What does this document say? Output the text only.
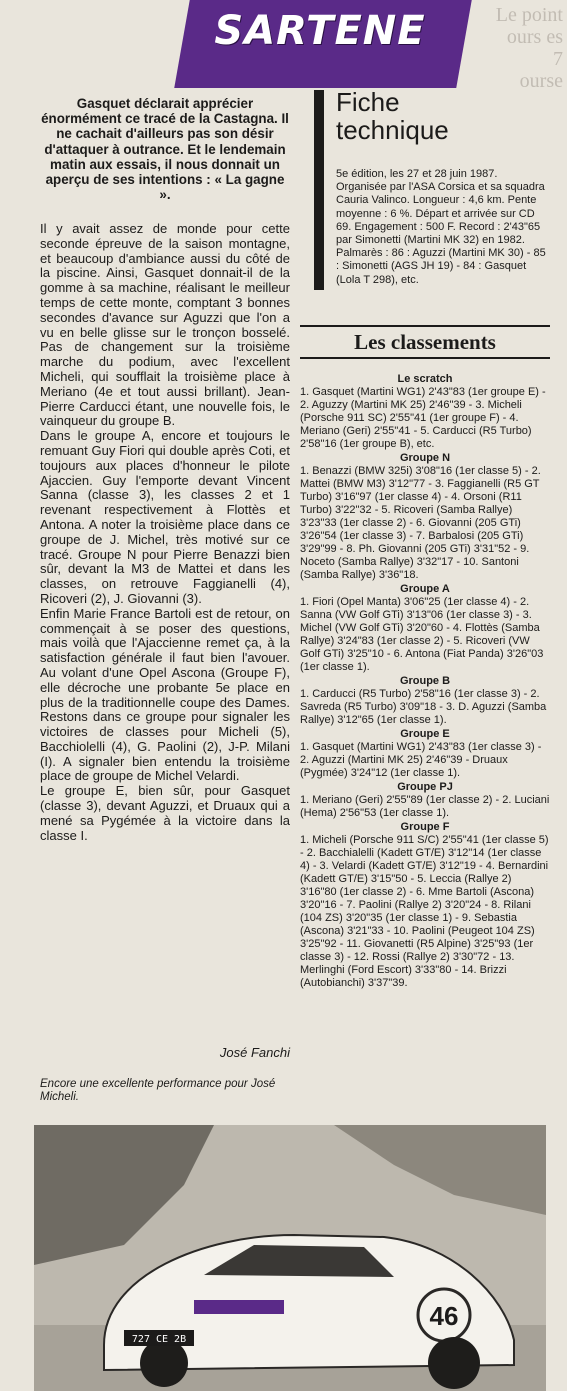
Le point
ours es 7
ourse
SARTENE
Gasquet déclarait apprécier énormément ce tracé de la Castagna. Il ne cachait d'ailleurs pas son désir d'attaquer à outrance. Et le lendemain matin aux essais, il nous donnait un aperçu de ses intentions : « La gagne ».

Il y avait assez de monde pour cette seconde épreuve de la saison montagne, et beaucoup d'ambiance aussi du côté de la piscine. Ainsi, Gasquet donnait-il de la gomme à sa machine, réalisant le meilleur temps de cette monte, comptant 3 bonnes secondes d'avance sur Aguzzi que l'on a vu en belle glisse sur le tronçon bosselé. Pas de changement sur la troisième marche du podium, avec l'excellent Micheli, qui soufflait la troisième place à Meriano (4e et tout aussi brillant). Jean-Pierre Carducci étant, une nouvelle fois, le vainqueur du groupe B.

Dans le groupe A, encore et toujours le remuant Guy Fiori qui double après Coti, et toujours aux places d'honneur le pilote Ajaccien. Guy l'emporte devant Vincent Sanna (classe 3), les classes 2 et 1 revenant respectivement à Flottès et Antona. A noter la troisième place dans ce groupe de J. Michel, très motivé sur ce tracé. Groupe N pour Pierre Benazzi bien sûr, devant la M3 de Mattei et dans les classes, on retrouve Faggianelli (4), Ricoveri (2), J. Giovanni (3).

Enfin Marie France Bartoli est de retour, on commençait à se poser des questions, mais voilà que l'Ajaccienne remet ça, à la satisfaction générale il faut bien l'avouer. Au volant d'une Opel Ascona (Groupe F), elle décroche une probante 5e place en plus de la traditionnelle coupe des Dames. Restons dans ce groupe pour signaler les victoires de classes pour Micheli (5), Bacchiolelli (4), G. Paolini (2), J-P. Milani (I). A signaler bien entendu la troisième place de groupe de Michel Velardi.

Le groupe E, bien sûr, pour Gasquet (classe 3), devant Aguzzi, et Druaux qui a mené sa Pygémée à la victoire dans la classe I.

José Fanchi
Encore une excellente performance pour José Micheli.
Fiche
technique
5e édition, les 27 et 28 juin 1987. Organisée par l'ASA Corsica et sa squadra Cauria Valinco. Longueur : 4,6 km. Pente moyenne : 6 %. Départ et arrivée sur CD 69. Engagement : 500 F. Record : 2'43"65 par Simonetti (Martini MK 32) en 1982. Palmarès : 86 : Aguzzi (Martini MK 30) - 85 : Simonetti (AGS JH 19) - 84 : Gasquet (Lola T 298), etc.
Les classements
Le scratch

1. Gasquet (Martini WG1) 2'43"83 (1er groupe E) - 2. Aguzzy (Martini MK 25) 2'46"39 - 3. Micheli (Porsche 911 SC) 2'55"41 (1er groupe F) - 4. Meriano (Geri) 2'55"41 - 5. Carducci (R5 Turbo) 2'58"16 (1er groupe B), etc.

Groupe N

1. Benazzi (BMW 325i) 3'08"16 (1er classe 5) - 2. Mattei (BMW M3) 3'12"77 - 3. Faggianelli (R5 GT Turbo) 3'16"97 (1er classe 4) - 4. Orsoni (R11 Turbo) 3'22"32 - 5. Ricoveri (Samba Rallye) 3'23"33 (1er classe 2) - 6. Giovanni (205 GTi) 3'26"54 (1er classe 3) - 7. Barbalosi (205 GTi) 3'29"99 - 8. Ph. Giovanni (205 GTi) 3'31"52 - 9. Noceto (Samba Rallye) 3'32"17 - 10. Santoni (Samba Rallye) 3'36"18.

Groupe A

1. Fiori (Opel Manta) 3'06"25 (1er classe 4) - 2. Sanna (VW Golf GTi) 3'13"06 (1er classe 3) - 3. Michel (VW Golf GTi) 3'20"60 - 4. Flottès (Samba Rallye) 3'24"83 (1er classe 2) - 5. Ricoveri (VW Golf GTi) 3'25"10 - 6. Antona (Fiat Panda) 3'26"03 (1er classe 1).

Groupe B

1. Carducci (R5 Turbo) 2'58"16 (1er classe 3) - 2. Savreda (R5 Turbo) 3'09"18 - 3. D. Aguzzi (Samba Rallye) 3'12"65 (1er classe 1).

Groupe E

1. Gasquet (Martini WG1) 2'43"83 (1er classe 3) - 2. Aguzzi (Martini MK 25) 2'46"39 - Druaux (Pygmée) 3'24"12 (1er classe 1).

Groupe PJ

1. Meriano (Geri) 2'55"89 (1er classe 2) - 2. Luciani (Hema) 2'56"53 (1er classe 1).

Groupe F

1. Micheli (Porsche 911 S/C) 2'55"41 (1er classe 5) - 2. Bacchialelli (Kadett GT/E) 3'12"14 (1er classe 4) - 3. Velardi (Kadett GT/E) 3'12"19 - 4. Bernardini (Kadett GT/E) 3'15"50 - 5. Leccia (Rallye 2) 3'16"80 (1er classe 2) - 6. Mme Bartoli (Ascona) 3'20"16 - 7. Paolini (Rallye 2) 3'20"24 - 8. Rilani (104 ZS) 3'20"35 (1er classe 1) - 9. Sebastia (Ascona) 3'21"33 - 10. Paolini (Peugeot 104 ZS) 3'25"92 - 11. Giovanetti (R5 Alpine) 3'25"93 (1er classe 3) - 12. Rossi (Rallye 2) 3'30"72 - 13. Merlinghi (Ford Escort) 3'33"80 - 14. Brizzi (Autobianchi) 3'37"39.

46
727 CE 2B
